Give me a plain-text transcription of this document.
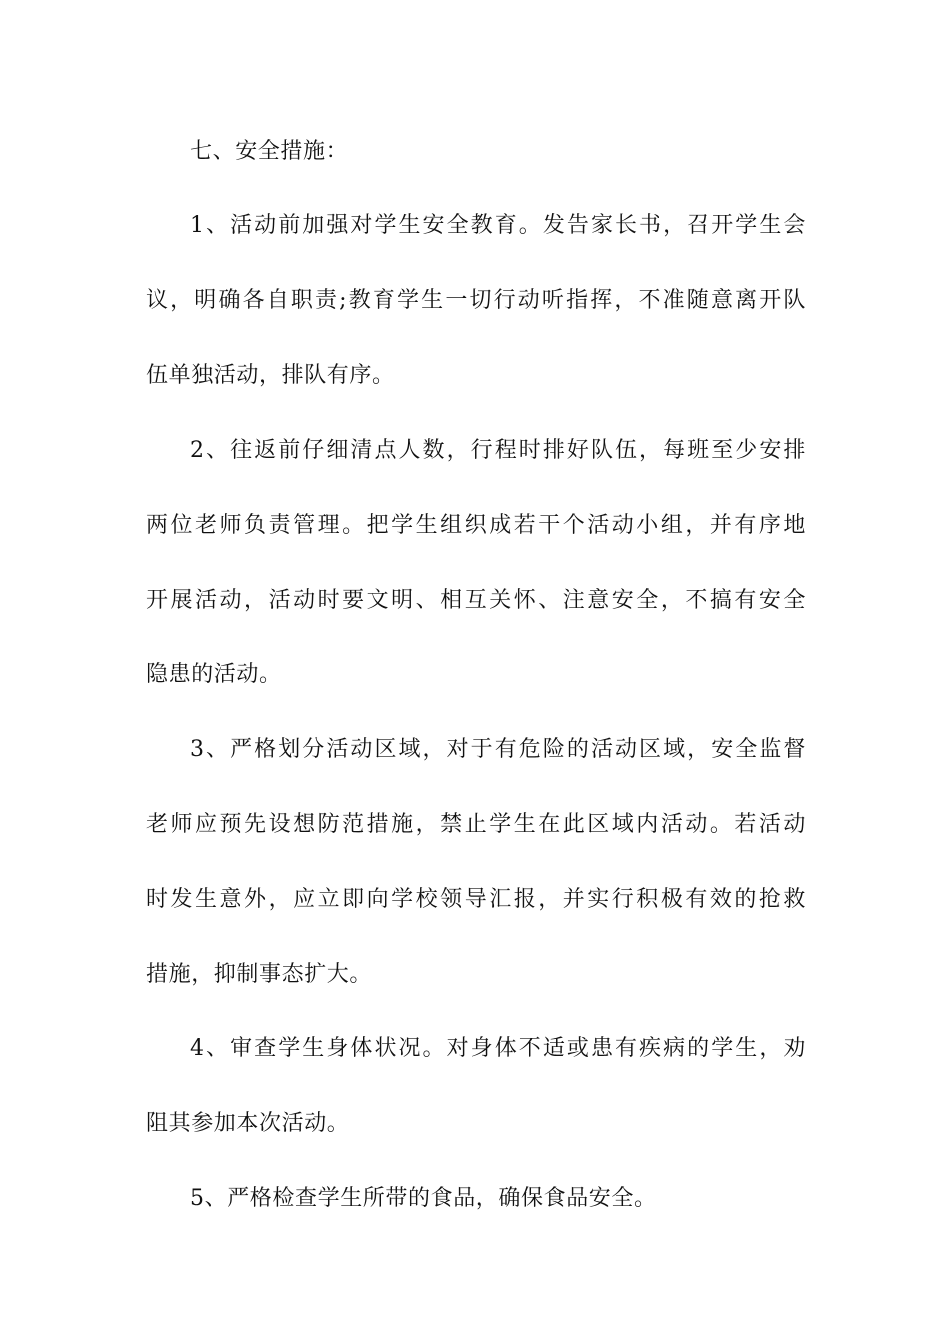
七、安全措施：
1、活动前加强对学生安全教育。发告家长书，召开学生会
议，明确各自职责;教育学生一切行动听指挥，不准随意离开队
伍单独活动，排队有序。
2、往返前仔细清点人数，行程时排好队伍，每班至少安排
两位老师负责管理。把学生组织成若干个活动小组，并有序地
开展活动，活动时要文明、相互关怀、注意安全，不搞有安全
隐患的活动。
3、严格划分活动区域，对于有危险的活动区域，安全监督
老师应预先设想防范措施，禁止学生在此区域内活动。若活动
时发生意外，应立即向学校领导汇报，并实行积极有效的抢救
措施，抑制事态扩大。
4、审查学生身体状况。对身体不适或患有疾病的学生，劝
阻其参加本次活动。
5、严格检查学生所带的食品，确保食品安全。
